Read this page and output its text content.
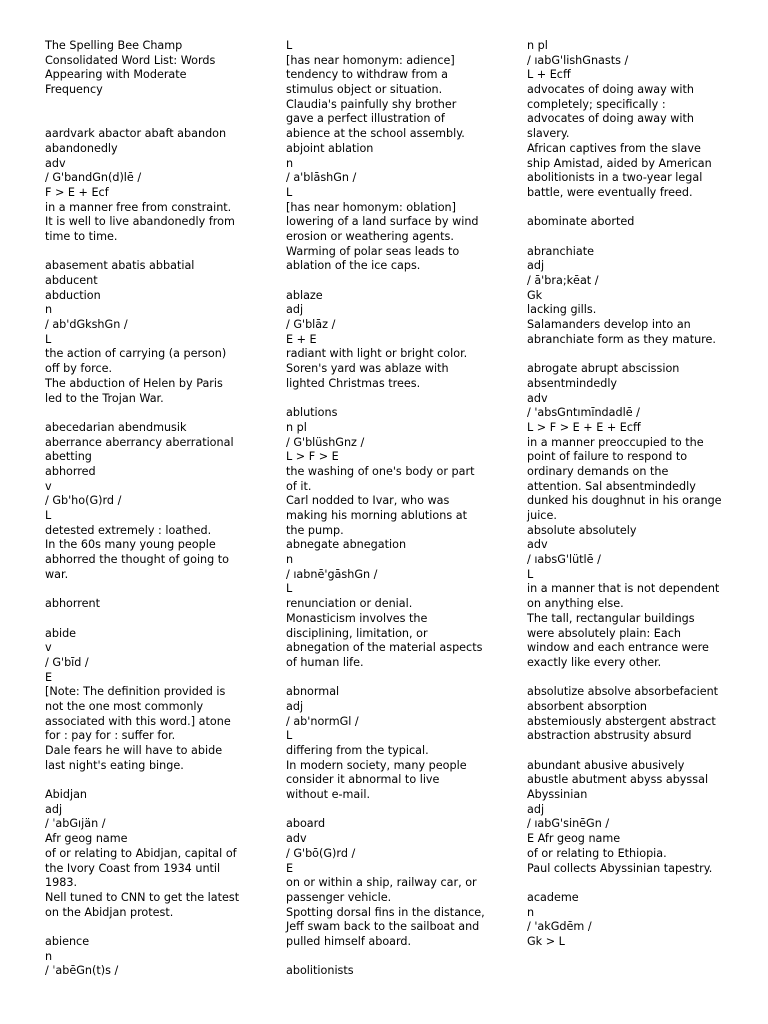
The Spelling Bee Champ
Consolidated Word List: Words
Appearing with Moderate
Frequency
aardvark abactor abaft abandon
abandonedly
adv
/ G'bandGn(d)lē /
F > E + Ecf
in a manner free from constraint.
It is well to live abandonedly from
time to time.
abasement abatis abbatial
abducent
abduction
n
/ ab'dGkshGn /
L
the action of carrying (a person)
off by force.
The abduction of Helen by Paris
led to the Trojan War.
abecedarian abendmusik
aberrance aberrancy aberrational
abetting
abhorred
v
/ Gb'ho(G)rd /
L
detested extremely : loathed.
In the 60s many young people
abhorred the thought of going to
war.
abhorrent
abide
v
/ G'bīd /
E
[Note: The definition provided is
not the one most commonly
associated with this word.] atone
for : pay for : suffer for.
Dale fears he will have to abide
last night's eating binge.
Abidjan
adj
/ ˈabGıjän /
Afr geog name
of or relating to Abidjan, capital of
the Ivory Coast from 1934 until
1983.
Nell tuned to CNN to get the latest
on the Abidjan protest.
abience
n
/ ˈabēGn(t)s /
L
[has near homonym: adience]
tendency to withdraw from a
stimulus object or situation.
Claudia's painfully shy brother
gave a perfect illustration of
abience at the school assembly.
abjoint ablation
n
/ a'blāshGn /
L
[has near homonym: oblation]
lowering of a land surface by wind
erosion or weathering agents.
Warming of polar seas leads to
ablation of the ice caps.
ablaze
adj
/ G'blāz /
E + E
radiant with light or bright color.
Soren's yard was ablaze with
lighted Christmas trees.
ablutions
n pl
/ G'blüshGnz /
L > F > E
the washing of one's body or part
of it.
Carl nodded to Ivar, who was
making his morning ablutions at
the pump.
abnegate abnegation
n
/ ıabnē'gāshGn /
L
renunciation or denial.
Monasticism involves the
disciplining, limitation, or
abnegation of the material aspects
of human life.
abnormal
adj
/ ab'normGl /
L
differing from the typical.
In modern society, many people
consider it abnormal to live
without e-mail.
aboard
adv
/ G'bō(G)rd /
E
on or within a ship, railway car, or
passenger vehicle.
Spotting dorsal fins in the distance,
Jeff swam back to the sailboat and
pulled himself aboard.
abolitionists
n pl
/ ıabG'lishGnasts /
L + Ecff
advocates of doing away with
completely; specifically :
advocates of doing away with
slavery.
African captives from the slave
ship Amistad, aided by American
abolitionists in a two-year legal
battle, were eventually freed.
abominate aborted
abranchiate
adj
/ ā'bra;kēat /
Gk
lacking gills.
Salamanders develop into an
abranchiate form as they mature.
abrogate abrupt abscission
absentmindedly
adv
/ 'absGntımīndadlē /
L > F > E + E + Ecff
in a manner preoccupied to the
point of failure to respond to
ordinary demands on the
attention. Sal absentmindedly
dunked his doughnut in his orange
juice.
absolute absolutely
adv
/ ıabsG'lütlē /
L
in a manner that is not dependent
on anything else.
The tall, rectangular buildings
were absolutely plain: Each
window and each entrance were
exactly like every other.
absolutize absolve absorbefacient
absorbent absorption
abstemiously abstergent abstract
abstraction abstrusity absurd
abundant abusive abusively
abustle abutment abyss abyssal
Abyssinian
adj
/ ıabG'sinēGn /
E Afr geog name
of or relating to Ethiopia.
Paul collects Abyssinian tapestry.
academe
n
/ 'akGdēm /
Gk > L
